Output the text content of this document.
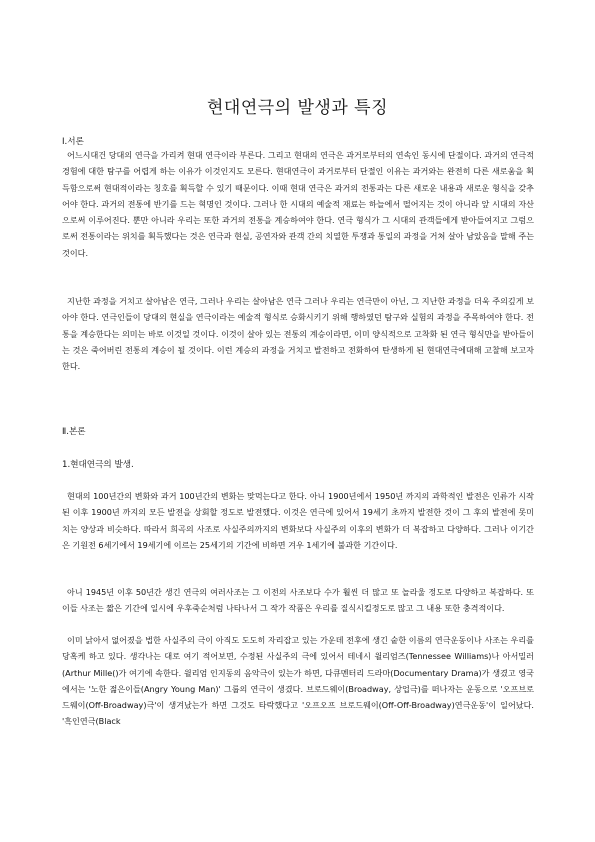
현대연극의 발생과 특징
Ⅰ.서론
어느시대건 당대의 연극을 가리켜 현대 연극이라 부른다. 그리고 현대의 연극은 과거로부터의 연속인 동시에 단절이다. 과거의 연극적 경험에 대한 탐구를 어렵게 하는 이유가 이것인지도 모른다. 현대연극이 과거로부터 단절인 이유는 과거와는 완전히 다른 새로움을 획득함으로써 현대적이라는 칭호를 획득할 수 있기 때문이다. 이때 현대 연극은 과거의 전통과는 다른 새로운 내용과 새로운 형식을 갖추어야 한다. 과거의 전통에 반기를 드는 혁명인 것이다. 그러나 한 시대의 예술적 재료는 하늘에서 떨어지는 것이 아니라 앞 시대의 자산으로써 이루어진다. 뿐만 아니라 우리는 또한 과거의 전통을 계승하여야 한다. 연극 형식가 그 시대의 관객들에게 받아들여지고 그럼으로써 전통이라는 위치를 획득했다는 것은 연극과 현실, 공연자와 관객 간의 치열한 투쟁과 통일의 과정을 거쳐 살아 남았음을 말해 주는 것이다.
지난한 과정을 거치고 살아남은 연극, 그러나 우리는 살아남은 연극 그러나 우리는 연극만이 아닌, 그 지난한 과정을 더욱 주의깊게 보아야 한다. 연극인들이 당대의 현실을 연극이라는 예술적 형식로 승화시키기 위해 행하였던 탐구와 실험의 과정을 주목하여야 한다. 전통을 계승한다는 의미는 바로 이것일 것이다. 이것이 살아 있는 전통의 계승이라면, 이미 양식적으로 고착화 된 연극 형식만을 받아들이는 것은 죽어버린 전통의 계승이 될 것이다. 이런 계승의 과정을 거치고 발전하고 전화하여 탄생하게 된 현대연극에대해 고찰해 보고자 한다.
Ⅱ.본론
1.현대연극의 발생.
현대의 100년간의 변화와 과거 100년간의 변화는 맞먹는다고 한다. 아니 1900년에서 1950년 까지의 과학적인 발전은 인류가 시작된 이후 1900년 까지의 모든 발전을 상회할 정도로 발전했다. 이것은 연극에 있어서 19세기 초까지 발전한 것이 그 후의 발전에 못미치는 양상과 비슷하다. 따라서 희곡의 사조로 사실주의까지의 변화보다 사실주의 이후의 변화가 더 복잡하고 다양하다. 그러나 이기간은 기원전 6세기에서 19세기에 이르는 25세기의 기간에 비하면 겨우 1세기에 불과한 기간이다.
아니 1945년 이후 50년간 생긴 연극의 여러사조는 그 이전의 사조보다 수가 훨씬 더 많고 또 놀라울 정도로 다양하고 복잡하다. 또 이들 사조는 짧은 기간에 일시에 우후죽순처럼 나타나서 그 작가 작품은 우리를 질식시킬정도로 많고 그 내용 또한 충격적이다.
이미 낡아서 없어졌을 법한 사실주의 극이 아직도 도도히 자리잡고 있는 가운데 전후에 생긴 숱한 이름의 연극운동이나 사조는 우리를 당혹케 하고 있다. 생각나는 대로 여기 적어보면, 수정된 사실주의 극에 있어서 테네시 윌리엄즈(Tennessee Williams)나 아서밀러(Arthur Mille()가 여기에 속한다. 윌리엄 인지동의 음악극이 있는가 하면, 다큐멘터리 드라마(Documentary Drama)가 생겼고 영국에서는 '노한 젊은이들(Angry Young Man)' 그룹의 연극이 생겼다. 브로드웨이(Broadway, 상업극)를 떠나자는 운동으로 '오프브로드웨이(Off-Broadway)극'이 생겨났는가 하면 그것도 타락했다고 '오프오프 브로드웨이(Off-Off-Broadway)연극운동'이 일어났다. '흑인연극(Black
